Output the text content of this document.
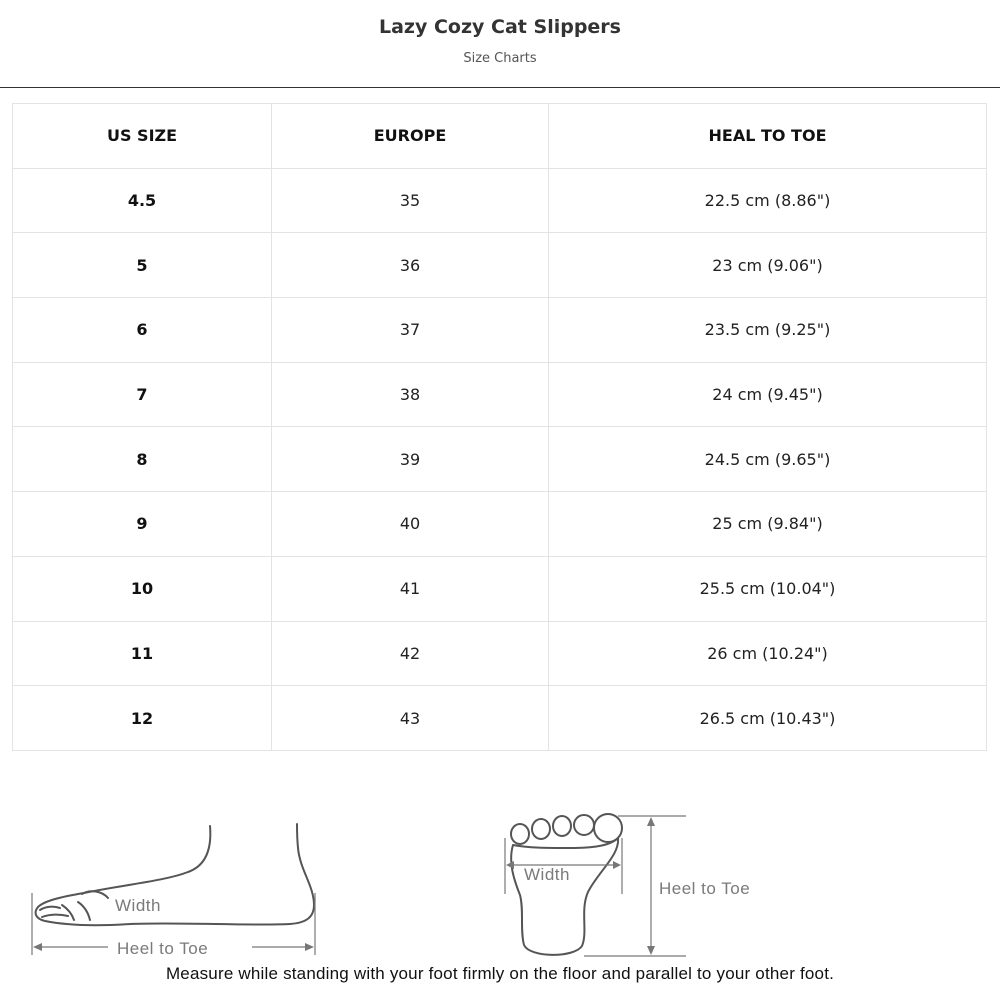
Lazy Cozy Cat Slippers
Size Charts
US SIZE	EUROPE	HEAL TO TOE
4.5	35	22.5 cm (8.86")
5	36	23 cm (9.06")
6	37	23.5 cm (9.25")
7	38	24 cm (9.45")
8	39	24.5 cm (9.65")
9	40	25 cm (9.84")
10	41	25.5 cm (10.04")
11	42	26 cm (10.24")
12	43	26.5 cm (10.43")
Width
Heel to Toe
Width
Heel to Toe
Measure while standing with your foot firmly on the floor and parallel to your other foot.
